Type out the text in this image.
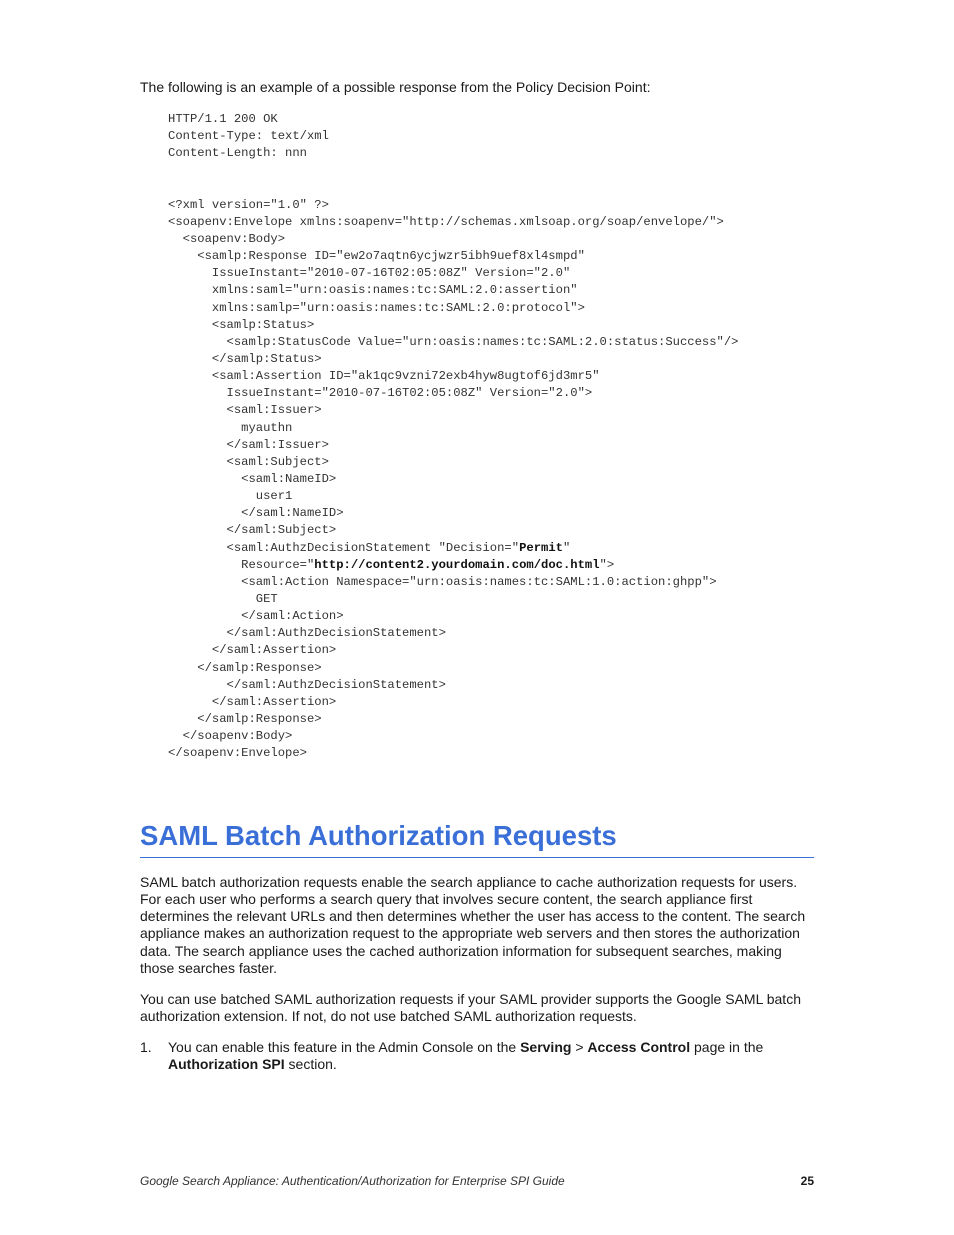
The following is an example of a possible response from the Policy Decision Point:

HTTP/1.1 200 OK
Content-Type: text/xml
Content-Length: nnn
<?xml version="1.0" ?>
<soapenv:Envelope xmlns:soapenv="http://schemas.xmlsoap.org/soap/envelope/">
<soapenv:Body>
<samlp:Response ID="ew2o7aqtn6ycjwzr5ibh9uef8xl4smpd"
IssueInstant="2010-07-16T02:05:08Z" Version="2.0"
xmlns:saml="urn:oasis:names:tc:SAML:2.0:assertion"
xmlns:samlp="urn:oasis:names:tc:SAML:2.0:protocol">
<samlp:Status>
<samlp:StatusCode Value="urn:oasis:names:tc:SAML:2.0:status:Success"/>
</samlp:Status>
<saml:Assertion ID="ak1qc9vzni72exb4hyw8ugtof6jd3mr5"
IssueInstant="2010-07-16T02:05:08Z" Version="2.0">
<saml:Issuer>
myauthn
</saml:Issuer>
<saml:Subject>
<saml:NameID>
user1
</saml:NameID>
</saml:Subject>
<saml:AuthzDecisionStatement "Decision="Permit"
Resource="http://content2.yourdomain.com/doc.html">
<saml:Action Namespace="urn:oasis:names:tc:SAML:1.0:action:ghpp">
GET
</saml:Action>
</saml:AuthzDecisionStatement>
</saml:Assertion>
</samlp:Response>
</saml:AuthzDecisionStatement>
</saml:Assertion>
</samlp:Response>
</soapenv:Body>
</soapenv:Envelope>
SAML Batch Authorization Requests

SAML batch authorization requests enable the search appliance to cache authorization requests for users. For each user who performs a search query that involves secure content, the search appliance first determines the relevant URLs and then determines whether the user has access to the content. The search appliance makes an authorization request to the appropriate web servers and then stores the authorization data. The search appliance uses the cached authorization information for subsequent searches, making those searches faster.

You can use batched SAML authorization requests if your SAML provider supports the Google SAML batch authorization extension. If not, do not use batched SAML authorization requests.

1. You can enable this feature in the Admin Console on the Serving > Access Control page in the Authorization SPI section.
Google Search Appliance: Authentication/Authorization for Enterprise SPI Guide	25
